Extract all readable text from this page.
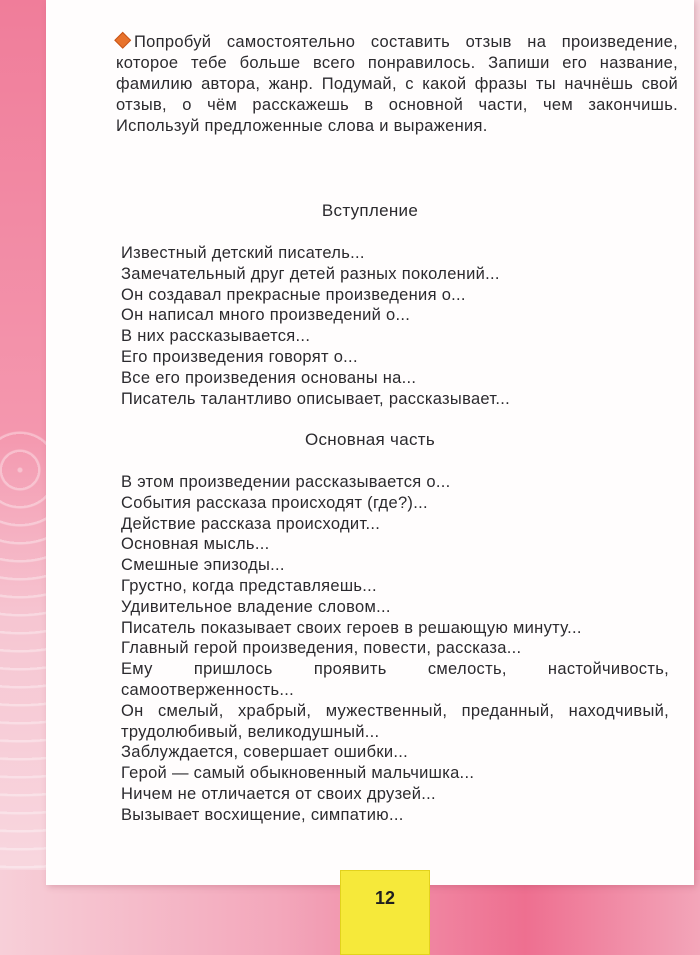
Попробуй самостоятельно составить отзыв на произведение, которое тебе больше всего понравилось. Запиши его название, фамилию автора, жанр. Подумай, с какой фразы ты начнёшь свой отзыв, о чём расскажешь в основной части, чем закончишь. Используй предложенные слова и выражения.
Вступление
Известный детский писатель...
Замечательный друг детей разных поколений...
Он создавал прекрасные произведения о...
Он написал много произведений о...
В них рассказывается...
Его произведения говорят о...
Все его произведения основаны на...
Писатель талантливо описывает, рассказывает...
Основная часть
В этом произведении рассказывается о...
События рассказа происходят (где?)...
Действие рассказа происходит...
Основная мысль...
Смешные эпизоды...
Грустно, когда представляешь...
Удивительное владение словом...
Писатель показывает своих героев в решающую минуту...
Главный герой произведения, повести, рассказа...
Ему пришлось проявить смелость, настойчивость, самоотверженность...
Он смелый, храбрый, мужественный, преданный, находчивый, трудолюбивый, великодушный...
Заблуждается, совершает ошибки...
Герой — самый обыкновенный мальчишка...
Ничем не отличается от своих друзей...
Вызывает восхищение, симпатию...
12
